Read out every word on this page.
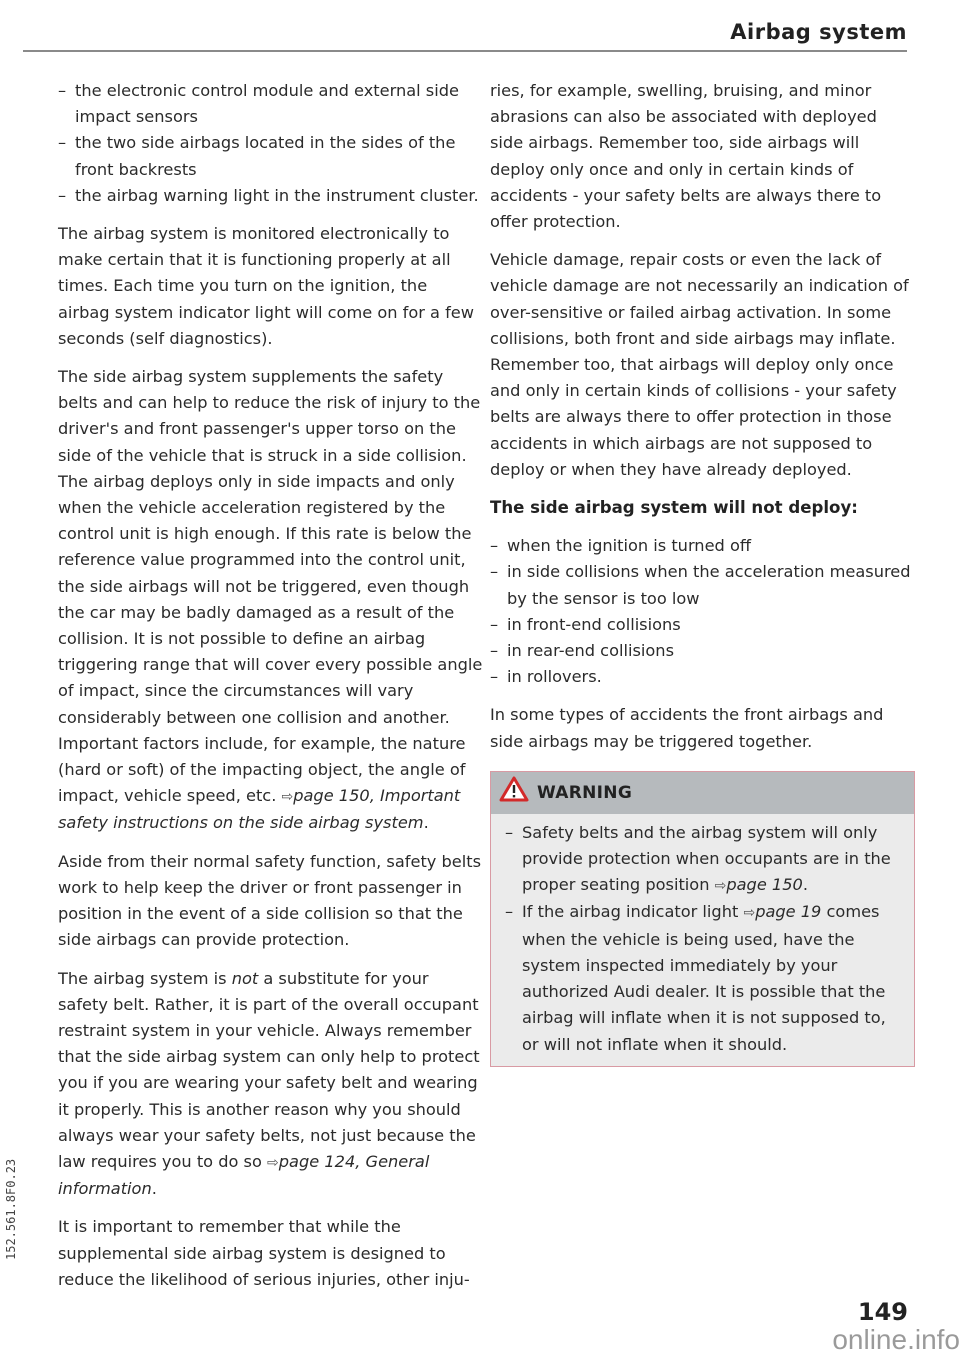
Airbag system
– the electronic control module and external side impact sensors
– the two side airbags located in the sides of the front backrests
– the airbag warning light in the instrument cluster.

The airbag system is monitored electronically to make certain that it is functioning properly at all times. Each time you turn on the ignition, the airbag system indicator light will come on for a few seconds (self diagnostics).

The side airbag system supplements the safety belts and can help to reduce the risk of injury to the driver's and front passenger's upper torso on the side of the vehicle that is struck in a side collision. The airbag deploys only in side impacts and only when the vehicle acceleration registered by the control unit is high enough. If this rate is below the reference value programmed into the control unit, the side airbags will not be triggered, even though the car may be badly damaged as a result of the collision. It is not possible to define an airbag triggering range that will cover every possible angle of impact, since the circumstances will vary considerably between one collision and another. Important factors include, for example, the nature (hard or soft) of the impacting object, the angle of impact, vehicle speed, etc. ⇨page 150, Important safety instructions on the side airbag system.

Aside from their normal safety function, safety belts work to help keep the driver or front passenger in position in the event of a side collision so that the side airbags can provide protection.

The airbag system is not a substitute for your safety belt. Rather, it is part of the overall occupant restraint system in your vehicle. Always remember that the side airbag system can only help to protect you if you are wearing your safety belt and wearing it properly. This is another reason why you should always wear your safety belts, not just because the law requires you to do so ⇨page 124, General information.

It is important to remember that while the supplemental side airbag system is designed to reduce the likelihood of serious injuries, other inju-

ries, for example, swelling, bruising, and minor abrasions can also be associated with deployed side airbags. Remember too, side airbags will deploy only once and only in certain kinds of accidents - your safety belts are always there to offer protection.

Vehicle damage, repair costs or even the lack of vehicle damage are not necessarily an indication of over-sensitive or failed airbag activation. In some collisions, both front and side airbags may inflate. Remember too, that airbags will deploy only once and only in certain kinds of collisions - your safety belts are always there to offer protection in those accidents in which airbags are not supposed to deploy or when they have already deployed.

The side airbag system will not deploy:
– when the ignition is turned off
– in side collisions when the acceleration measured by the sensor is too low
– in front-end collisions
– in rear-end collisions
– in rollovers.

In some types of accidents the front airbags and side airbags may be triggered together.

WARNING
– Safety belts and the airbag system will only provide protection when occupants are in the proper seating position ⇨page 150.
– If the airbag indicator light ⇨page 19 comes when the vehicle is being used, have the system inspected immediately by your authorized Audi dealer. It is possible that the airbag will inflate when it is not supposed to, or will not inflate when it should.
152.561.8F0.23
149
online.info
